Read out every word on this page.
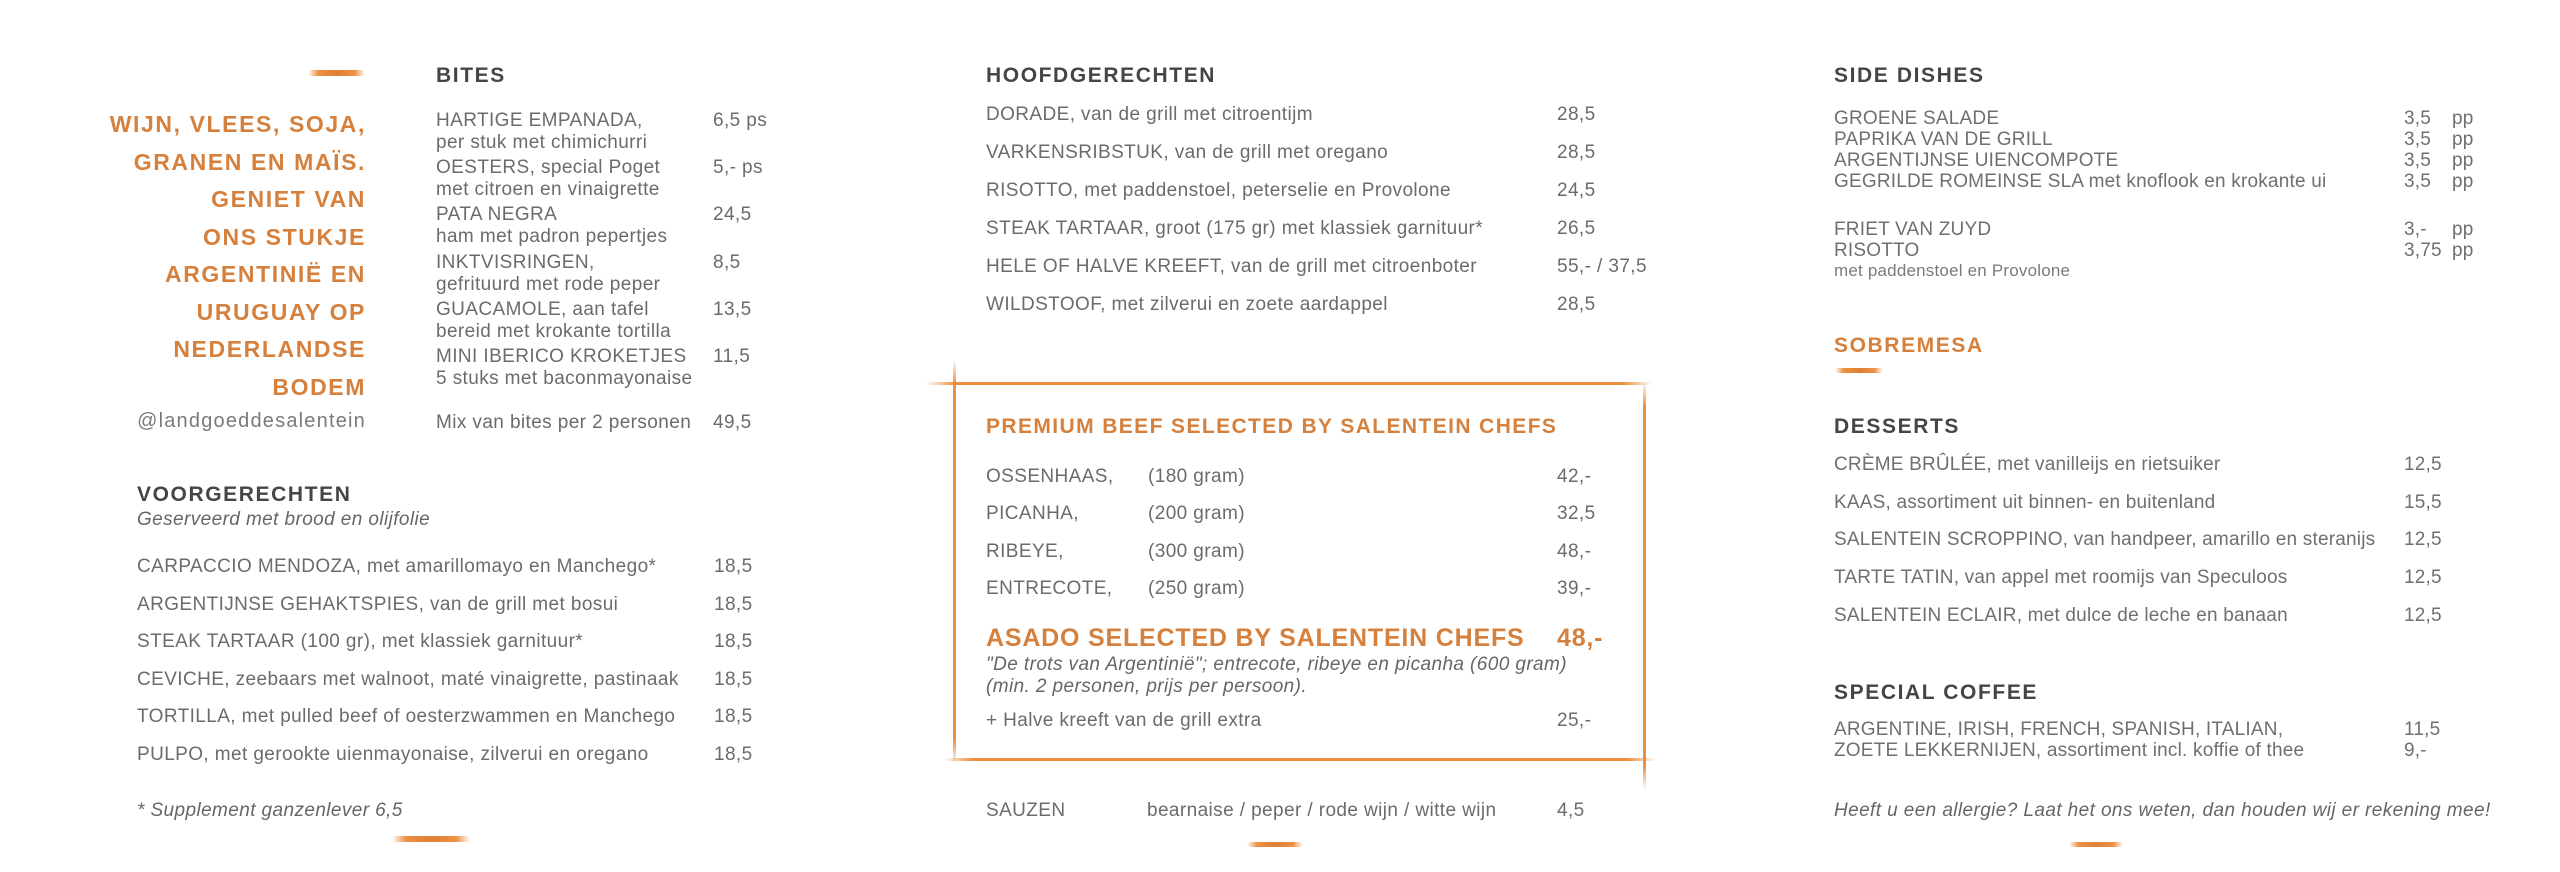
WIJN, VLEES, SOJA,
GRANEN EN MAÏS.
GENIET VAN
ONS STUKJE
ARGENTINIË EN
URUGUAY OP
NEDERLANDSE
BODEM
@landgoeddesalentein
BITES
HARTIGE EMPANADA,
per stuk met chimichurri
6,5 ps
OESTERS, special Poget
met citroen en vinaigrette
5,- ps
PATA NEGRA
ham met padron pepertjes
24,5
INKTVISRINGEN,
gefrituurd met rode peper
8,5
GUACAMOLE, aan tafel
bereid met krokante tortilla
13,5
MINI IBERICO KROKETJES
5 stuks met baconmayonaise
11,5
Mix van bites per 2 personen	49,5
VOORGERECHTEN
Geserveerd met brood en olijfolie
CARPACCIO MENDOZA, met amarillomayo en Manchego*	18,5
ARGENTIJNSE GEHAKTSPIES, van de grill met bosui	18,5
STEAK TARTAAR (100 gr), met klassiek garnituur*	18,5
CEVICHE, zeebaars met walnoot, maté vinaigrette, pastinaak 18,5
TORTILLA, met pulled beef of oesterzwammen en Manchego 18,5
PULPO, met gerookte uienmayonaise, zilverui en oregano	18,5
* Supplement ganzenlever 6,5
HOOFDGERECHTEN
DORADE, van de grill met citroentijm	28,5
VARKENSRIBSTUK, van de grill met oregano	28,5
RISOTTO, met paddenstoel, peterselie en Provolone	24,5
STEAK TARTAAR, groot (175 gr) met klassiek garnituur*	26,5
HELE OF HALVE KREEFT, van de grill met citroenboter	55,- / 37,5
WILDSTOOF, met zilverui en zoete aardappel	28,5
PREMIUM BEEF SELECTED BY SALENTEIN CHEFS
OSSENHAAS, (180 gram)	42,-
PICANHA,	(200 gram)	32,5
RIBEYE,	(300 gram)	48,-
ENTRECOTE, (250 gram)	39,-
ASADO SELECTED BY SALENTEIN CHEFS 48,-
"De trots van Argentinië"; entrecote, ribeye en picanha (600 gram)
(min. 2 personen, prijs per persoon).
+ Halve kreeft van de grill extra	25,-
SAUZEN	bearnaise / peper / rode wijn / witte wijn	4,5
SIDE DISHES
GROENE SALADE	3,5 pp
PAPRIKA VAN DE GRILL	3,5 pp
ARGENTIJNSE UIENCOMPOTE	3,5 pp
GEGRILDE ROMEINSE SLA met knoflook en krokante ui	3,5 pp
FRIET VAN ZUYD	3,- pp
RISOTTO	3,75 pp
met paddenstoel en Provolone
SOBREMESA
DESSERTS
CRÈME BRÛLÉE, met vanilleijs en rietsuiker	12,5
KAAS, assortiment uit binnen- en buitenland	15,5
SALENTEIN SCROPPINO, van handpeer, amarillo en steranijs 12,5
TARTE TATIN, van appel met roomijs van Speculoos	12,5
SALENTEIN ECLAIR, met dulce de leche en banaan	12,5
SPECIAL COFFEE
ARGENTINE, IRISH, FRENCH, SPANISH, ITALIAN,	11,5
ZOETE LEKKERNIJEN, assortiment incl. koffie of thee	9,-
Heeft u een allergie? Laat het ons weten, dan houden wij er rekening mee!
